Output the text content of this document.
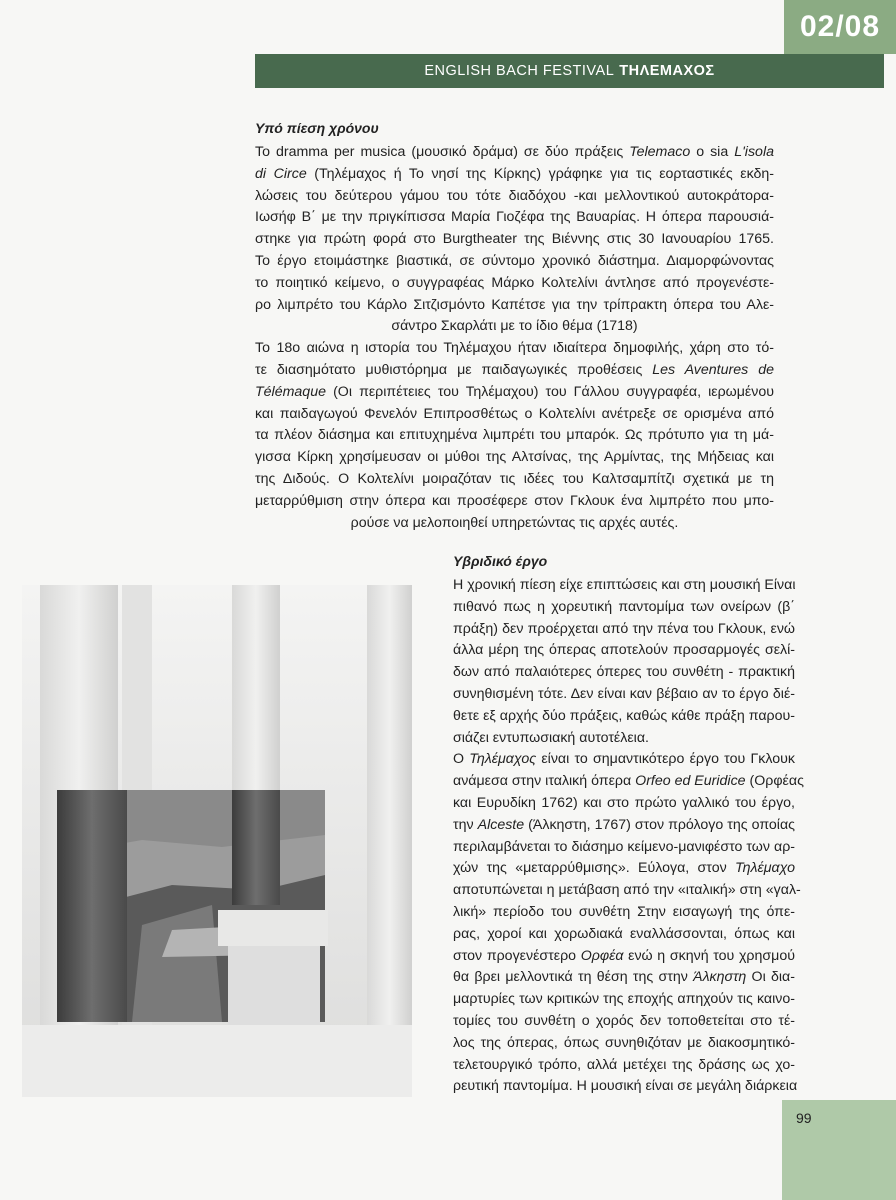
02/08
ENGLISH BACH FESTIVAL ΤΗΛΕΜΑΧΟΣ
Υπό πίεση χρόνου
Το dramma per musica (μουσικό δράμα) σε δύο πράξεις Telemaco o sia L'isola
di Circe (Τηλέμαχος ή Το νησί της Κίρκης) γράφηκε για τις εορταστικές εκδη-
λώσεις του δεύτερου γάμου του τότε διαδόχου -και μελλοντικού αυτοκράτορα-
Ιωσήφ Β΄ με την πριγκίπισσα Μαρία Γιοζέφα της Βαυαρίας. Η όπερα παρουσιά-
στηκε για πρώτη φορά στο Burgtheater της Βιέννης στις 30 Ιανουαρίου 1765.
Το έργο ετοιμάστηκε βιαστικά, σε σύντομο χρονικό διάστημα. Διαμορφώνοντας
το ποιητικό κείμενο, ο συγγραφέας Μάρκο Κολτελίνι άντλησε από προγενέστε-
ρο λιμπρέτο του Κάρλο Σιτζισμόντο Καπέτσε για την τρίπρακτη όπερα του Αλε-
σάντρο Σκαρλάτι με το ίδιο θέμα (1718)
Το 18ο αιώνα η ιστορία του Τηλέμαχου ήταν ιδιαίτερα δημοφιλής, χάρη στο τό-
τε διασημότατο μυθιστόρημα με παιδαγωγικές προθέσεις Les Aventures de
Télémaque (Οι περιπέτειες του Τηλέμαχου) του Γάλλου συγγραφέα, ιερωμένου
και παιδαγωγού Φενελόν Επιπροσθέτως ο Κολτελίνι ανέτρεξε σε ορισμένα από
τα πλέον διάσημα και επιτυχημένα λιμπρέτι του μπαρόκ. Ως πρότυπο για τη μά-
γισσα Κίρκη χρησίμευσαν οι μύθοι της Αλτσίνας, της Αρμίντας, της Μήδειας και
της Διδούς. Ο Κολτελίνι μοιραζόταν τις ιδέες του Καλτσαμπίτζι σχετικά με τη
μεταρρύθμιση στην όπερα και προσέφερε στον Γκλουκ ένα λιμπρέτο που μπο-
ρούσε να μελοποιηθεί υπηρετώντας τις αρχές αυτές.
Υβριδικό έργο
Η χρονική πίεση είχε επιπτώσεις και στη μουσική Είναι
πιθανό πως η χορευτική παντομίμα των ονείρων (β΄
πράξη) δεν προέρχεται από την πένα του Γκλουκ, ενώ
άλλα μέρη της όπερας αποτελούν προσαρμογές σελί-
δων από παλαιότερες όπερες του συνθέτη - πρακτική
συνηθισμένη τότε. Δεν είναι καν βέβαιο αν το έργο διέ-
θετε εξ αρχής δύο πράξεις, καθώς κάθε πράξη παρου-
σιάζει εντυπωσιακή αυτοτέλεια.
Ο Τηλέμαχος είναι το σημαντικότερο έργο του Γκλουκ
ανάμεσα στην ιταλική όπερα Orfeo ed Euridice (Ορφέας
και Ευρυδίκη 1762) και στο πρώτο γαλλικό του έργο,
την Alceste (Άλκηστη, 1767) στον πρόλογο της οποίας
περιλαμβάνεται το διάσημο κείμενο-μανιφέστο των αρ-
χών της «μεταρρύθμισης». Εύλογα, στον Τηλέμαχο
αποτυπώνεται η μετάβαση από την «ιταλική» στη «γαλ-
λική» περίοδο του συνθέτη Στην εισαγωγή της όπε-
ρας, χοροί και χορωδιακά εναλλάσσονται, όπως και
στον προγενέστερο Ορφέα ενώ η σκηνή του χρησμού
θα βρει μελλοντικά τη θέση της στην Άλκηστη Οι δια-
μαρτυρίες των κριτικών της εποχής απηχούν τις καινο-
τομίες του συνθέτη ο χορός δεν τοποθετείται στο τέ-
λος της όπερας, όπως συνηθιζόταν με διακοσμητικό-
τελετουργικό τρόπο, αλλά μετέχει της δράσης ως χο-
ρευτική παντομίμα. Η μουσική είναι σε μεγάλη διάρκεια
99
